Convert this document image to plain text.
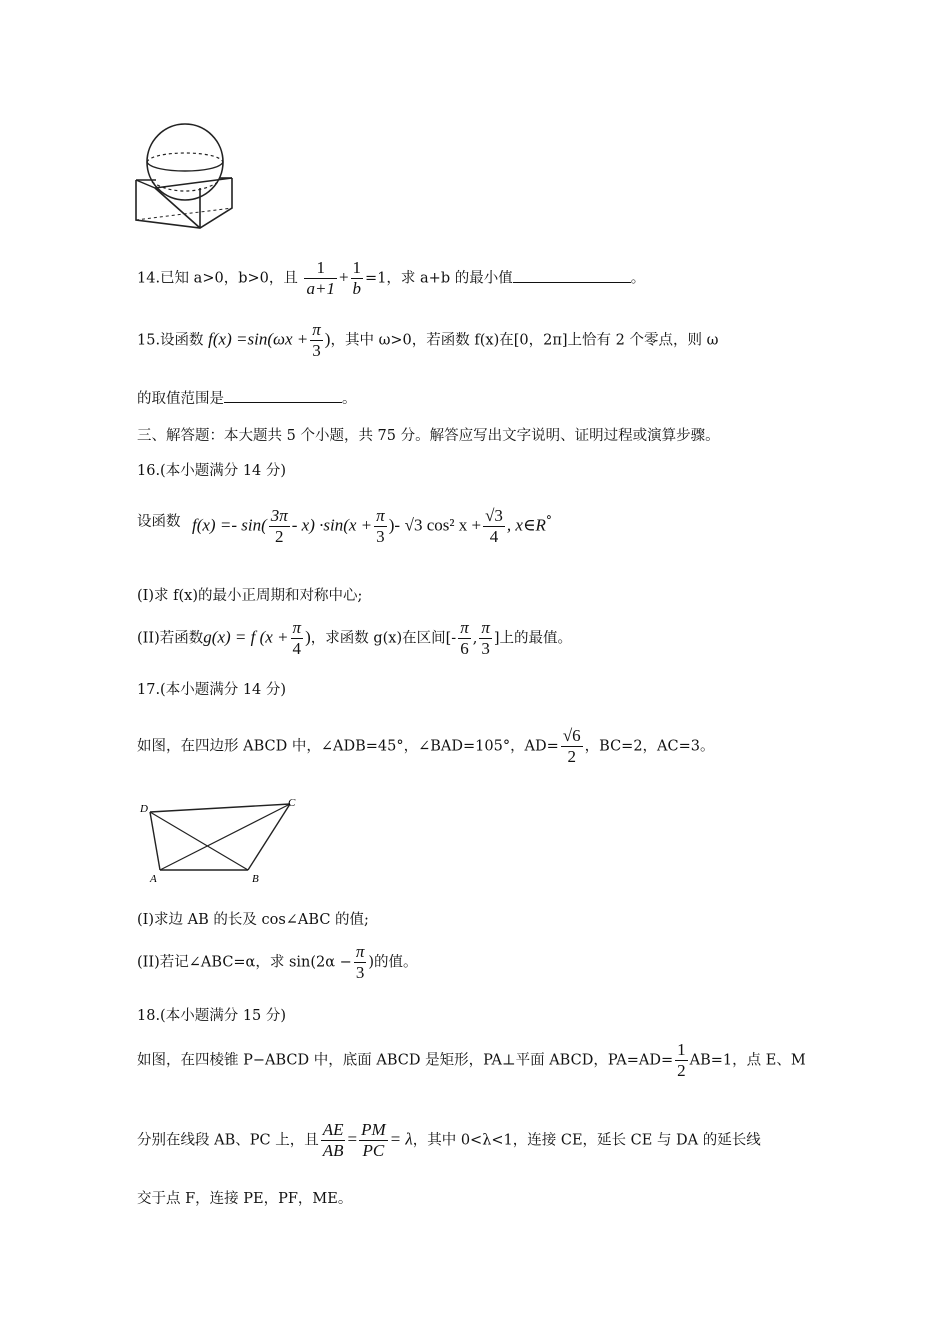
14.已知 a>0，b>0，且 $\frac{1}{a+1} + \frac{1}{b} =1$，求 a+b 的最小值	。
15.设函数 $f(x) =\sin(\omega x + \frac{\pi}{3}$ )，其中 ω>0，若函数 f(x)在[0，2π]上恰有 2 个零点，则 ω
的取值范围是	。
三、解答题：本大题共 5 个小题，共 75 分。解答应写出文字说明、证明过程或演算步骤。
16.(本小题满分 14 分)
设函数 $f(x) =- \sin( \frac{3\pi}{2} - x) \cdot\sin(x + \frac{\pi}{3}$ )- √3 cos² $x + \frac{√3}{4}$ , x∈R°
(I)求 f(x)的最小正周期和对称中心;
(II)若函数g(x) = f ($x + \frac{\pi}{4}$ )，求函数 g(x)在区间[- $\frac{\pi}{6}$ , $\frac{\pi}{3}$ ]上的最值。
17.(本小题满分 14 分)
如图，在四边形 ABCD 中，∠ADB=45°，∠BAD=105°，$AD= \frac{√6}{2}$ ，BC=2，AC=3。
D	C
A	B
(I)求边 AB 的长及 cos∠ABC 的值;
(II)若记∠ABC=α，求 $\sin(2\alpha - \frac{\pi}{3}$ )的值。
18.(本小题满分 15 分)
如图，在四棱锥 P−ABCD 中，底面 ABCD 是矩形，PA⊥平面 ABCD，$PA=AD= \frac{1}{2} AB=1$，点 E、M
分别在线段 AB、PC 上，且 $\frac{AE}{AB} = \frac{PM}{PC} = \lambda$，其中 0<λ<1，连接 CE，延长 CE 与 DA 的延长线
交于点 F，连接 PE，PF，ME。
